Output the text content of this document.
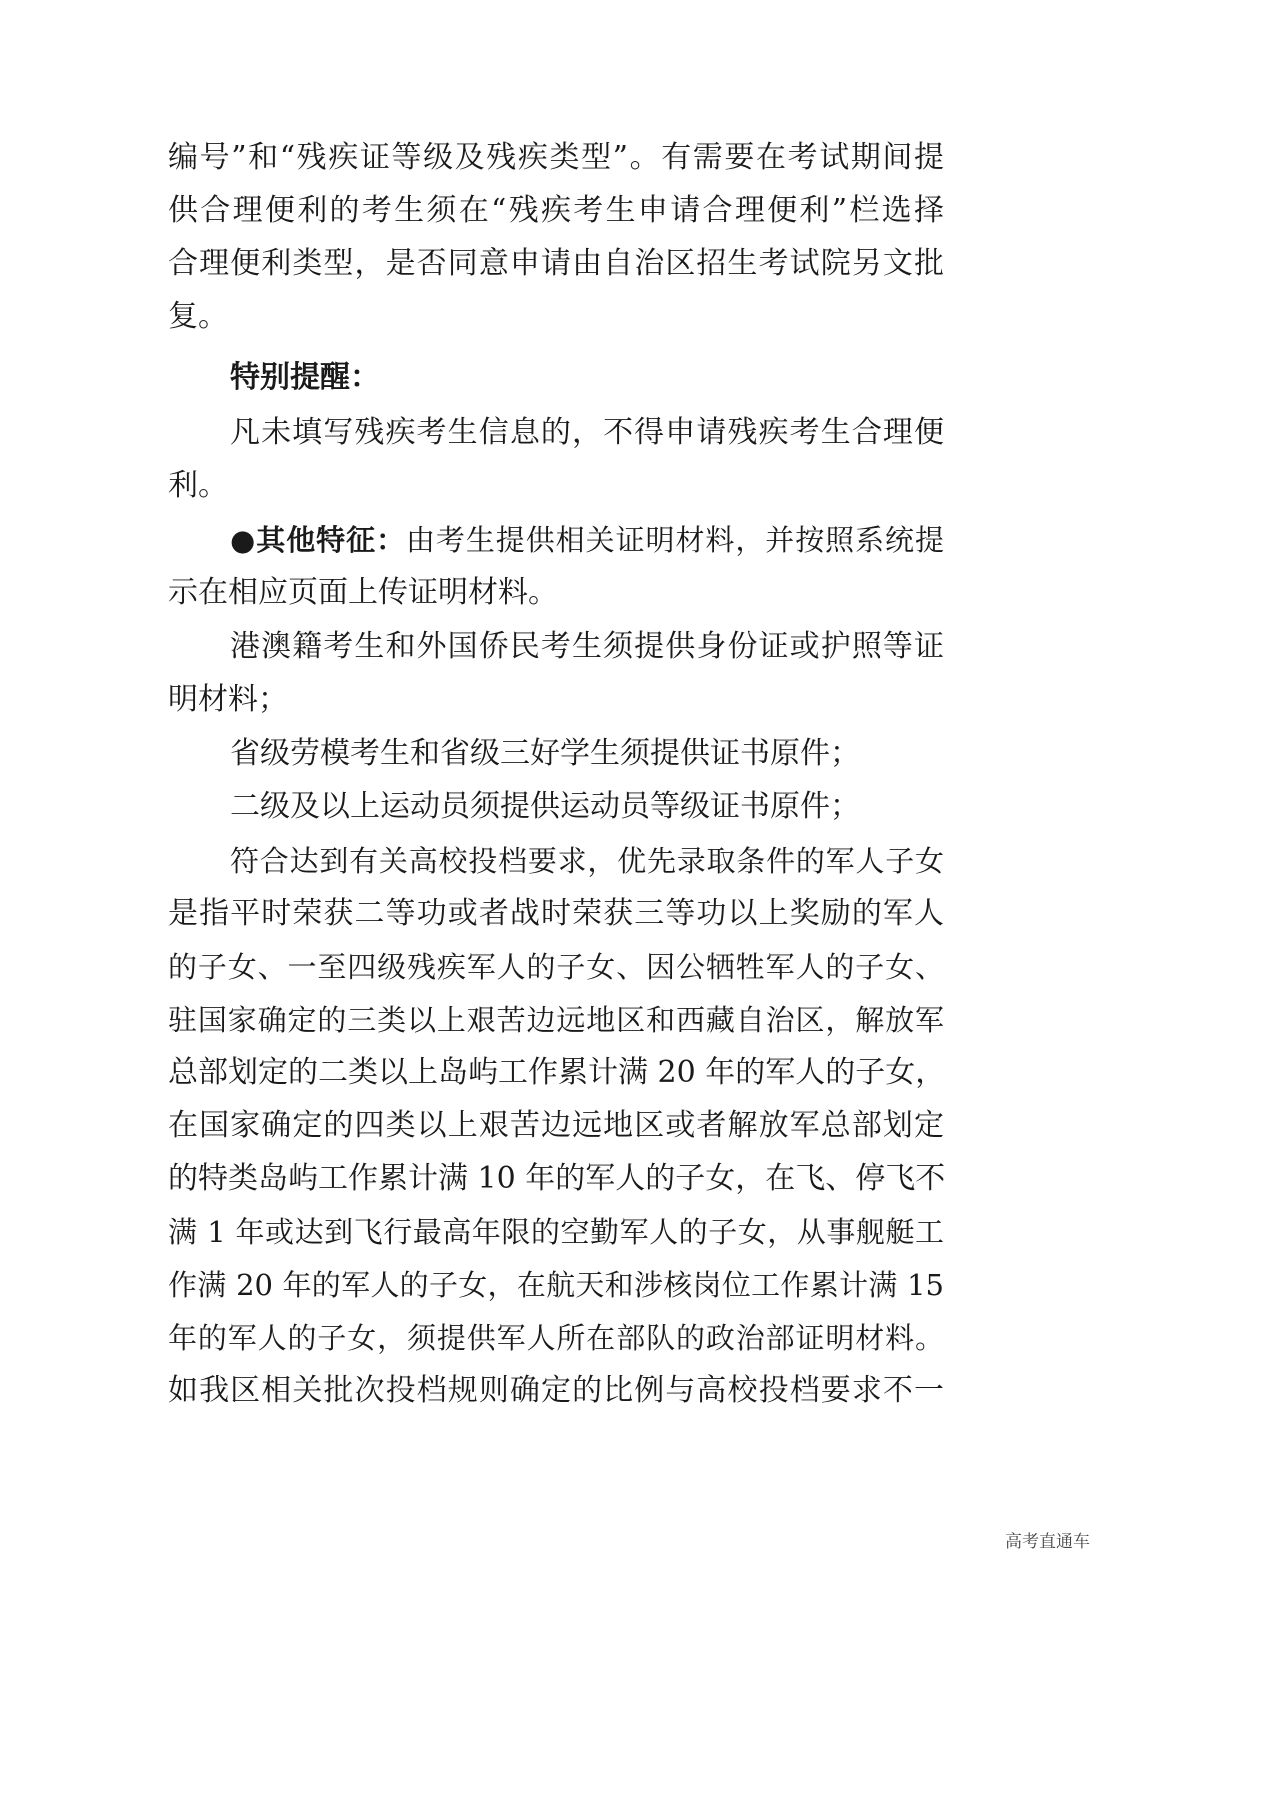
编号”和“残疾证等级及残疾类型”。有需要在考试期间提
供合理便利的考生须在“残疾考生申请合理便利”栏选择
合理便利类型，是否同意申请由自治区招生考试院另文批
复。
特别提醒：
凡未填写残疾考生信息的，不得申请残疾考生合理便
利。
●其他特征：由考生提供相关证明材料，并按照系统提
示在相应页面上传证明材料。
港澳籍考生和外国侨民考生须提供身份证或护照等证
明材料；
省级劳模考生和省级三好学生须提供证书原件；
二级及以上运动员须提供运动员等级证书原件；
符合达到有关高校投档要求，优先录取条件的军人子女
是指平时荣获二等功或者战时荣获三等功以上奖励的军人
的子女、一至四级残疾军人的子女、因公牺牲军人的子女、
驻国家确定的三类以上艰苦边远地区和西藏自治区，解放军
总部划定的二类以上岛屿工作累计满 20 年的军人的子女，
在国家确定的四类以上艰苦边远地区或者解放军总部划定
的特类岛屿工作累计满 10 年的军人的子女，在飞、停飞不
满 1 年或达到飞行最高年限的空勤军人的子女，从事舰艇工
作满 20 年的军人的子女，在航天和涉核岗位工作累计满 15
年的军人的子女，须提供军人所在部队的政治部证明材料。
如我区相关批次投档规则确定的比例与高校投档要求不一
高考直通车
